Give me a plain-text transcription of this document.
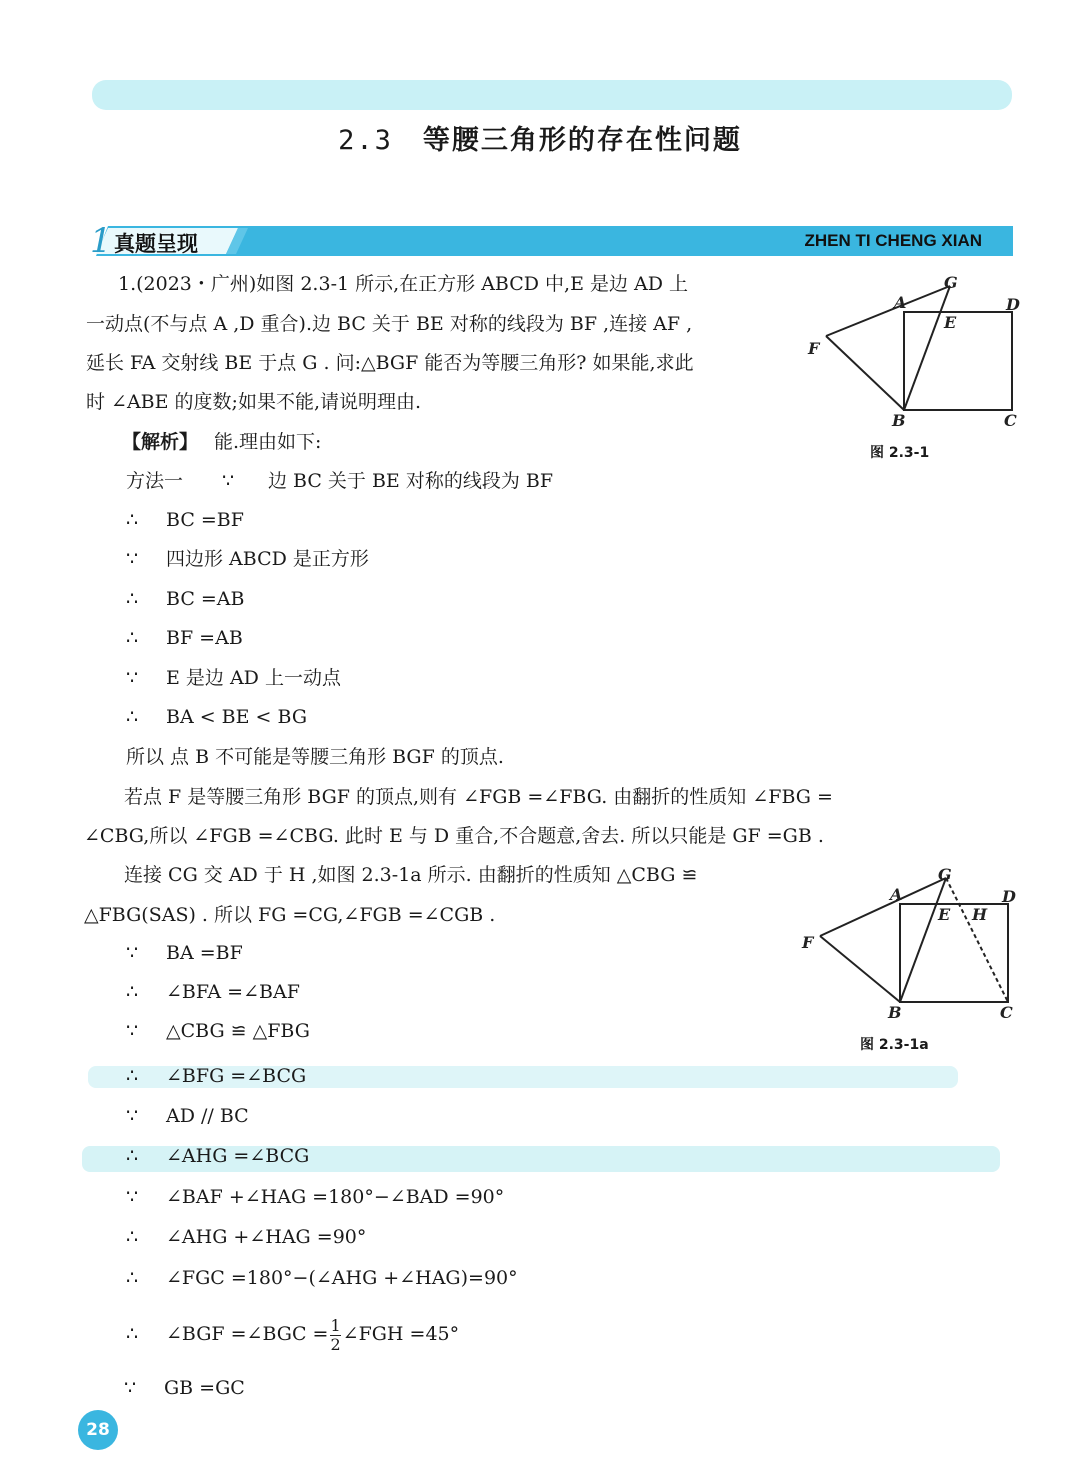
2.3 等腰三角形的存在性问题
1 真题呈现	ZHEN TI CHENG XIAN
1.(2023・广州)如图 2.3-1 所示,在正方形 ABCD 中,E 是边 AD 上
一动点(不与点 A ,D 重合).边 BC 关于 BE 对称的线段为 BF ,连接 AF ,
延长 FA 交射线 BE 于点 G . 问:△BGF 能否为等腰三角形? 如果能,求此
时 ∠ABE 的度数;如果不能,请说明理由.
A
G
D
E
F
B	C
图 2.3-1
【解析】 能.理由如下:
方法一 ∵ 边 BC 关于 BE 对称的线段为 BF
∴ BC =BF
∵ 四边形 ABCD 是正方形
∴ BC =AB
∴ BF =AB
∵ E 是边 AD 上一动点
∴ BA < BE < BG
所以 点 B 不可能是等腰三角形 BGF 的顶点.
若点 F 是等腰三角形 BGF 的顶点,则有 ∠FGB =∠FBG. 由翻折的性质知 ∠FBG =
∠CBG,所以 ∠FGB =∠CBG. 此时 E 与 D 重合,不合题意,舍去. 所以只能是 GF =GB .
连接 CG 交 AD 于 H ,如图 2.3-1a 所示. 由翻折的性质知 △CBG ≌
△FBG(SAS) . 所以 FG =CG,∠FGB =∠CGB .
A
G
D
E H
F
B	C
图 2.3-1a
∵ BA =BF
∴ ∠BFA =∠BAF
∵ △CBG ≌ △FBG
∴ ∠BFG =∠BCG
∵ AD // BC
∴ ∠AHG =∠BCG
∵ ∠BAF +∠HAG =180°−∠BAD =90°
∴ ∠AHG +∠HAG =90°
∴ ∠FGC =180°−(∠AHG +∠HAG)=90°
∴ ∠BGF =∠BGC = $\frac{1}{2}$ ∠FGH =45°
∵ GB =GC
28
